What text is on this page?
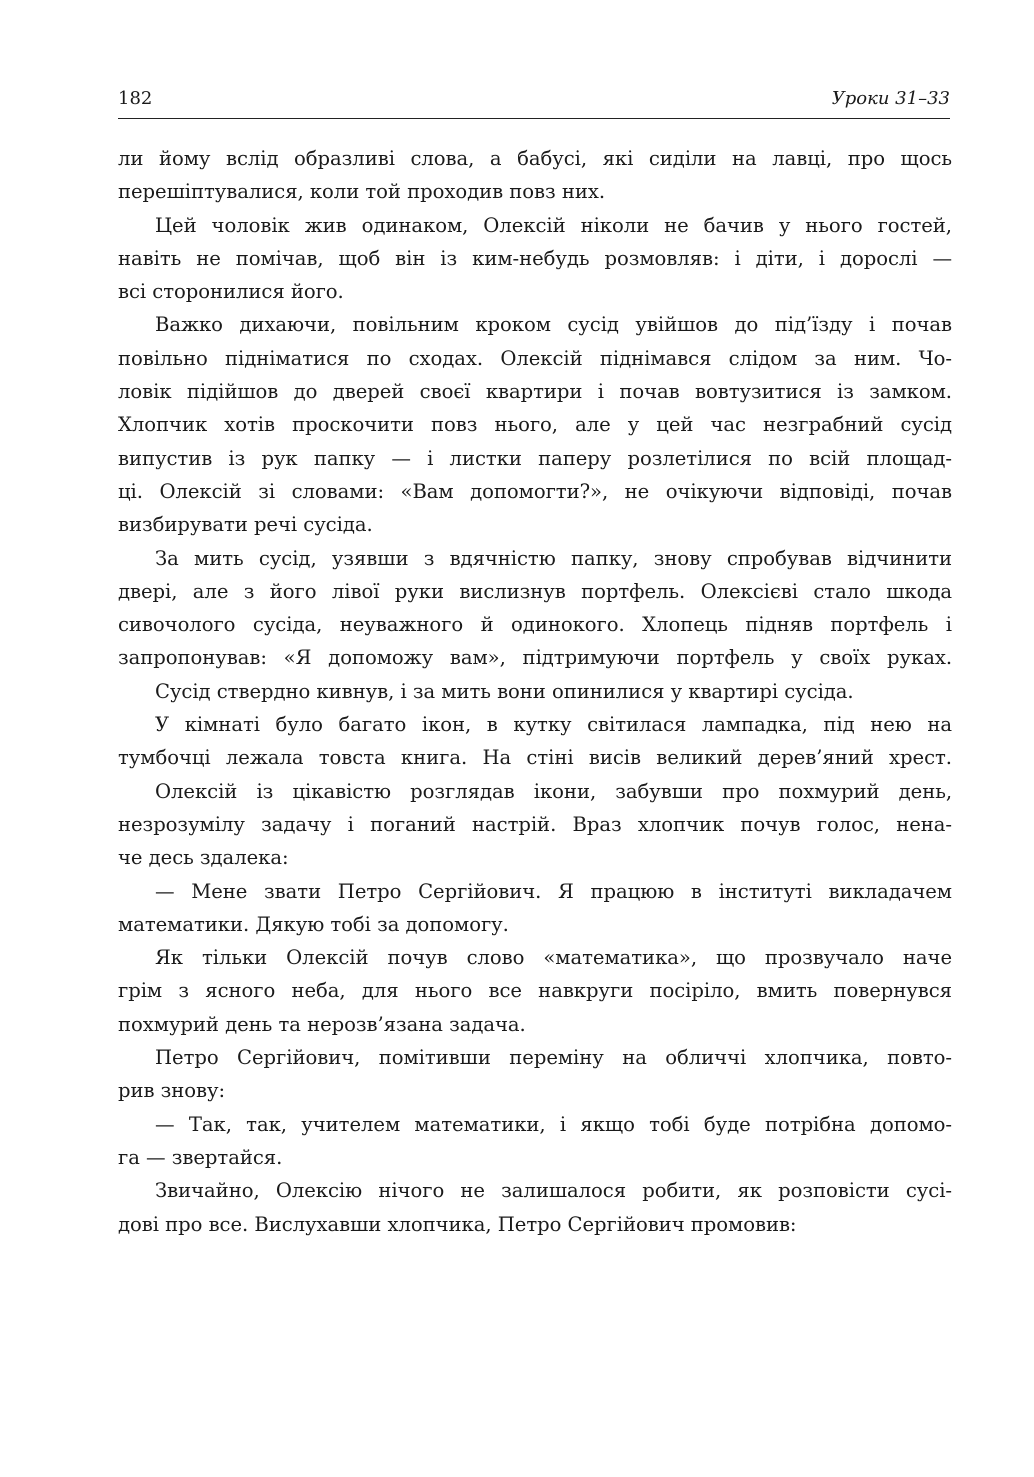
182	Уроки 31–33
ли йому вслід образливі слова, а бабусі, які сиділи на лавці, про щось
перешіптувалися, коли той проходив повз них.
Цей чоловік жив одинаком, Олексій ніколи не бачив у нього гостей,
навіть не помічав, щоб він із ким-небудь розмовляв: і діти, і дорослі —
всі сторонилися його.
Важко дихаючи, повільним кроком сусід увійшов до під’їзду і почав
повільно підніматися по сходах. Олексій піднімався слідом за ним. Чо-
ловік підійшов до дверей своєї квартири і почав вовтузитися із замком.
Хлопчик хотів проскочити повз нього, але у цей час незграбний сусід
випустив із рук папку — і листки паперу розлетілися по всій площад-
ці. Олексій зі словами: «Вам допомогти?», не очікуючи відповіді, почав
визбирувати речі сусіда.
За мить сусід, узявши з вдячністю папку, знову спробував відчинити
двері, але з його лівої руки вислизнув портфель. Олексієві стало шкода
сивочолого сусіда, неуважного й одинокого. Хлопець підняв портфель і
запропонував: «Я допоможу вам», підтримуючи портфель у своїх руках.
Сусід ствердно кивнув, і за мить вони опинилися у квартирі сусіда.
У кімнаті було багато ікон, в кутку світилася лампадка, під нею на
тумбочці лежала товста книга. На стіні висів великий дерев’яний хрест.
Олексій із цікавістю розглядав ікони, забувши про похмурий день,
незрозумілу задачу і поганий настрій. Враз хлопчик почув голос, нена-
че десь здалека:
— Мене звати Петро Сергійович. Я працюю в інституті викладачем
математики. Дякую тобі за допомогу.
Як тільки Олексій почув слово «математика», що прозвучало наче
грім з ясного неба, для нього все навкруги посіріло, вмить повернувся
похмурий день та нерозв’язана задача.
Петро Сергійович, помітивши переміну на обличчі хлопчика, повто-
рив знову:
— Так, так, учителем математики, і якщо тобі буде потрібна допомо-
га — звертайся.
Звичайно, Олексію нічого не залишалося робити, як розповісти сусі-
дові про все. Вислухавши хлопчика, Петро Сергійович промовив:
